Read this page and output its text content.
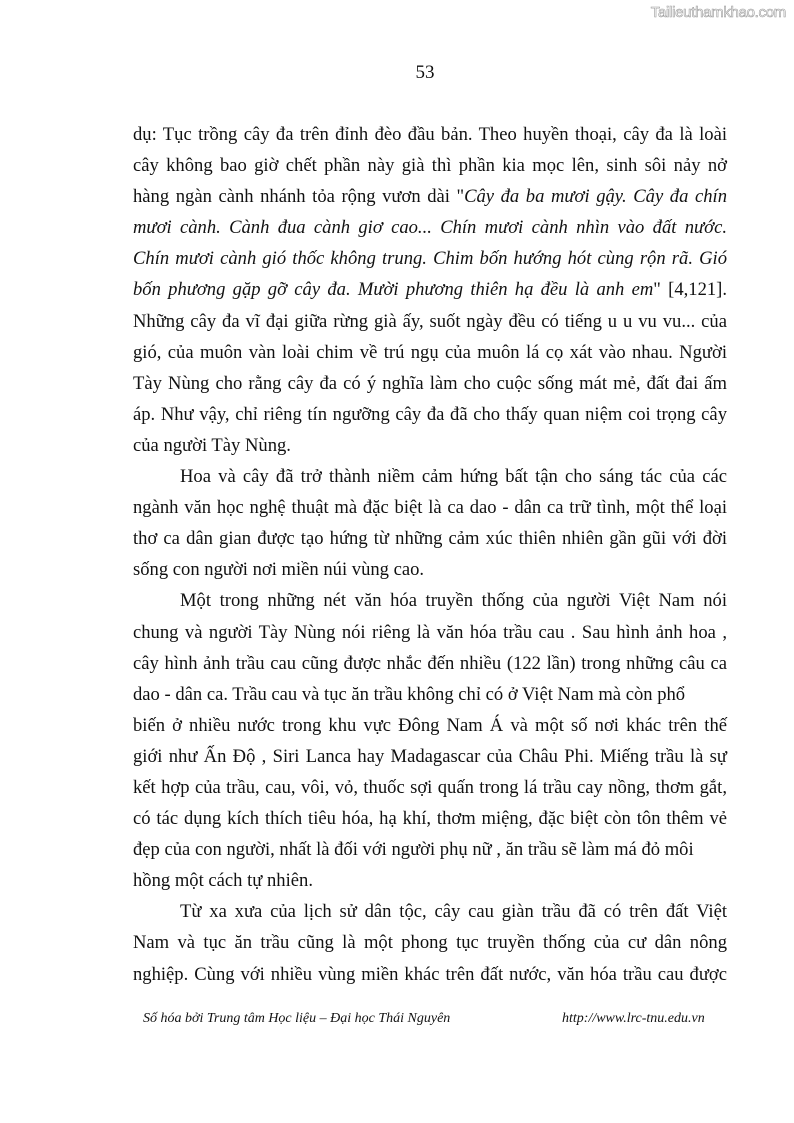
Tailieuthamkhao.com
53
dụ: Tục trồng cây đa trên đỉnh đèo đầu bản. Theo huyền thoại, cây đa là loài
cây không bao giờ chết phần này già thì phần kia mọc lên, sinh sôi nảy nở
hàng ngàn cành nhánh tỏa rộng vươn dài "Cây đa ba mươi gậy. Cây đa chín
mươi cành. Cành đua cành giơ cao... Chín mươi cành nhìn vào đất nước.
Chín mươi cành gió thốc không trung. Chim bốn hướng hót cùng rộn rã. Gió
bốn phương gặp gỡ cây đa. Mười phương thiên hạ đều là anh em" [4,121].
Những cây đa vĩ đại giữa rừng già ấy, suốt ngày đều có tiếng u u vu vu... của
gió, của muôn vàn loài chim về trú ngụ của muôn lá cọ xát vào nhau. Người
Tày Nùng cho rằng cây đa có ý nghĩa làm cho cuộc sống mát mẻ, đất đai ấm
áp. Như vậy, chỉ riêng tín ngưỡng cây đa đã cho thấy quan niệm coi trọng cây
của người Tày Nùng.
Hoa và cây đã trở thành niềm cảm hứng bất tận cho sáng tác của các
ngành văn học nghệ thuật mà đặc biệt là ca dao - dân ca trữ tình, một thể loại
thơ ca dân gian được tạo hứng từ những cảm xúc thiên nhiên gần gũi với đời
sống con người nơi miền núi vùng cao.
Một trong những nét văn hóa truyền thống của người Việt Nam nói
chung và người Tày Nùng nói riêng là văn hóa trầu cau . Sau hình ảnh hoa ,
cây hình ảnh trầu cau cũng được nhắc đến nhiều (122 lần) trong những câu ca
dao - dân ca. Trầu cau và tục ăn trầu không chỉ có ở Việt Nam mà còn phổ
biến ở nhiều nước trong khu vực Đông Nam Á và một số nơi khác trên thế
giới như Ấn Độ , Siri Lanca hay Madagascar của Châu Phi. Miếng trầu là sự
kết hợp của trầu, cau, vôi, vỏ, thuốc sợi quấn trong lá trầu cay nồng, thơm gắt,
có tác dụng kích thích tiêu hóa, hạ khí, thơm miệng, đặc biệt còn tôn thêm vẻ
đẹp của con người, nhất là đối với người phụ nữ , ăn trầu sẽ làm má đỏ môi
hồng một cách tự nhiên.
Từ xa xưa của lịch sử dân tộc, cây cau giàn trầu đã có trên đất Việt
Nam và tục ăn trầu cũng là một phong tục truyền thống của cư dân nông
nghiệp. Cùng với nhiều vùng miền khác trên đất nước, văn hóa trầu cau được
Số hóa bởi Trung tâm Học liệu – Đại học Thái Nguyên	http://www.lrc-tnu.edu.vn
